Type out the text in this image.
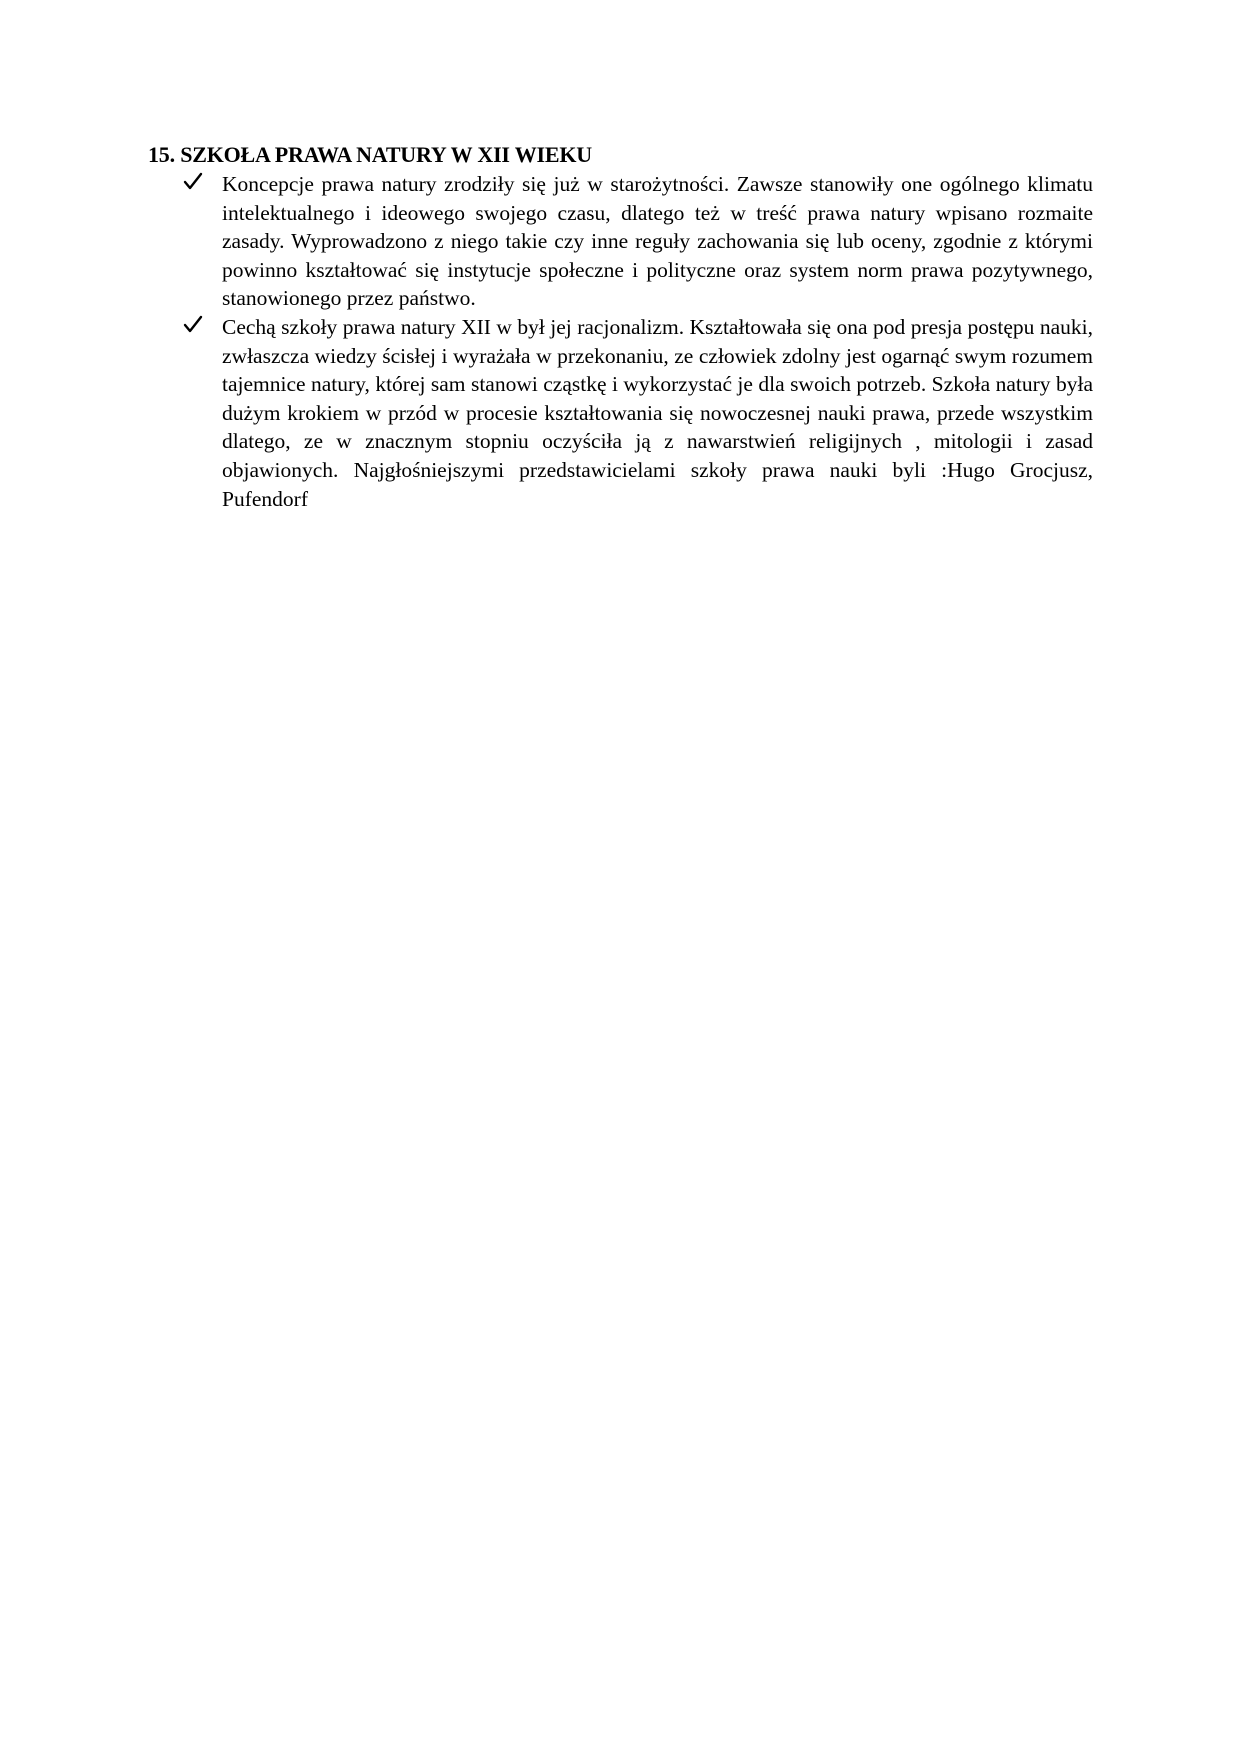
15. SZKOŁA PRAWA NATURY W XII WIEKU

Koncepcje prawa natury zrodziły się już w starożytności. Zawsze stanowiły one ogólnego klimatu intelektualnego i ideowego swojego czasu, dlatego też w treść prawa natury wpisano rozmaite zasady. Wyprowadzono z niego takie czy inne reguły zachowania się lub oceny, zgodnie z którymi powinno kształtować się instytucje społeczne i polityczne oraz system norm prawa pozytywnego, stanowionego przez państwo.

Cechą szkoły prawa natury XII w był jej racjonalizm. Kształtowała się ona pod presja postępu nauki, zwłaszcza wiedzy ścisłej i wyrażała w przekonaniu, ze człowiek zdolny jest ogarnąć swym rozumem tajemnice natury, której sam stanowi cząstkę i wykorzystać je dla swoich potrzeb. Szkoła natury była dużym krokiem w przód w procesie kształtowania się nowoczesnej nauki prawa, przede wszystkim dlatego, ze w znacznym stopniu oczyściła ją z nawarstwień religijnych , mitologii i zasad objawionych. Najgłośniejszymi przedstawicielami szkoły prawa nauki byli :Hugo Grocjusz, Pufendorf
